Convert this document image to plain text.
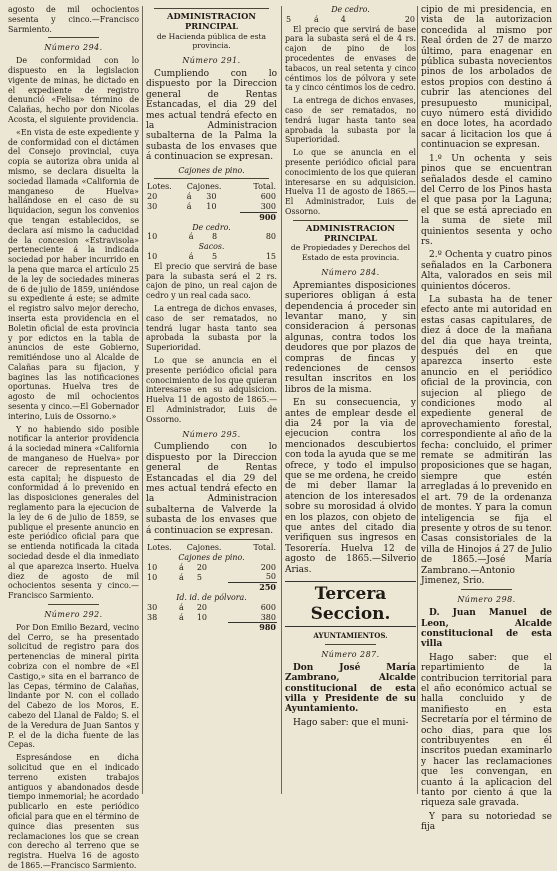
agosto de mil ochocientos sesenta y cinco.—Francisco Sarmiento.

Número 294.

De conformidad con lo dispuesto en la legislacion vigente de minas, he dictado en el expediente de registro denunció «Felisa» término de Calañas, hecho por don Nicolas Acosta, el siguiente providencia.

«En vista de este expediente y de conformidad con el dictámen del Consejo provincial, cuya copia se autoriza obra unida al mismo, se declara disuelta la sociedad llamada «California de manganeso de Huelva» hallándose en el caso de su liquidacion, segun los convenios que tengan establecidos, se declara así mismo la caducidad de la concesion «Estravisola» perteneciente á la indicada sociedad por haber incurrido en la pena que marca el artículo 25 de la ley de sociedades mineras de 6 de julio de 1859, uniéndose su expediente á este; se admite el registro salvo mejor derecho, inserta esta providencia en el Boletin oficial de esta provincia y por edictos en la tabla de anuncios de este Gobierno, remitiéndose uno al Alcalde de Calañas para su fijacion, y bagines las las notificaciones oportunas. Huelva tres de agosto de mil ochocientos sesenta y cinco.—El Gobernador interino, Luis de Ossorno.»

Y no habiendo sido posible notificar la anterior providencia á la sociedad minera «California de manganeso de Huelva» por carecer de representante en esta capital; he dispuesto de conformidad á lo prevenido en las disposiciones generales del reglamento para la ejecucion de la ley de 6 de julio de 1859, se publique el presente anuncio en este periódico oficial para que se entienda notificada la citada sociedad desde el dia inmediato al que aparezca inserto. Huelva diez de agosto de mil ochocientos sesenta y cinco.—Francisco Sarmiento.

Número 292.

Por Don Emilio Bezard, vecino del Cerro, se ha presentado solicitud de registro para dos pertenencias de mineral pirita cobriza con el nombre de «El Castigo,» sita en el barranco de las Cepas, término de Calañas, lindante por N. con el collado del Cabezo de los Moros, E. cabezo del Llanal de Faldo; S. el de la Veredura de Juan Santos y P. el de la dicha fuente de las Cepas.

Espresándose en dicha solicitud que en el indicado terreno existen trabajos antiguos y abandonados desde tiempo inmemorial; he acordado publicarlo en este periódico oficial para que en el término de quince dias presenten sus reclamaciones los que se crean con derecho al terreno que se registra. Huelva 16 de agosto de 1865.—Francisco Sarmiento.

ADMINISTRACION PRINCIPAL
de Hacienda pública de esta provincia.
Número 291.

Cumpliendo con lo dispuesto por la Direccion general de Rentas Estancadas, el dia 29 del mes actual tendrá efecto en la Administracion subalterna de la Palma la subasta de los envases que á continuacion se expresan.

Cajones de pino.
Lotes.	Cajones.		Total.
20	á	30	600
30	á	10	300
			900
De cedro.
10	á	8	80
Sacos.
10	á	5	15

El precio que servirá de base para la subasta será el 2 rs. cajon de pino, un real cajon de cedro y un real cada saco.

La entrega de dichos envases, caso de ser rematados, no tendrá lugar hasta tanto sea aprobada la subasta por la Superioridad.

Lo que se anuncia en el presente periódico oficial para conocimiento de los que quieran interesarse en su adquisicion. Huelva 11 de agosto de 1865.—El Administrador, Luis de Ossorno.

Número 295.

Cumpliendo con lo dispuesto por la Direccion general de Rentas Estancadas el dia 29 del mes actual tendrá efecto en la Administracion subalterna de Valverde la subasta de los envases que á continuacion se expresan.

Lotes.	Cajones.	Total.
Cajones de pino.
10	á	20	200
10	á	5	50
			250
Id. id. de pólvora.
30	á	20	600
38	á	10	380
			980
De cedro.
5	á	4	20

El precio que servirá de base para la subasta será el de 4 rs. cajon de pino de los procedentes de envases de tabacos, un real setenta y cinco céntimos los de pólvora y sete ta y cinco céntimos los de cedro.

La entrega de dichos envases, caso de ser rematados, no tendrá lugar hasta tanto sea aprobada la subasta por la Superioridad.

Lo que se anuncia en el presente periódico oficial para conocimiento de los que quieran interesarse en su adquisicion. Huelva 11 de agosto de 1865.—El Administrador, Luis de Ossorno.

ADMINISTRACION PRINCIPAL
de Propiedades y Derechos del Estado de esta provincia.
Número 284.

Apremiantes disposiciones superiores obligan á esta dependencia á proceder sin levantar mano, y sin consideracion á personas algunas, contra todos los deudores que por plazos de compras de fincas y redenciones de censos resultan inscritos en los libros de la misma.

En su consecuencia, y antes de emplear desde el dia 24 por la via de ejecucion contra los mencionados descubiertos con toda la ayuda que se me ofrece, y todo el impulso que se me ordena, he creido de mi deber llamar la atencion de los interesados sobre su morosidad á olvido en los plazos, con objeto de que antes del citado dia verifiquen sus ingresos en Tesorería. Huelva 12 de agosto de 1865.—Silverio Arias.

Tercera Seccion.
AYUNTAMIENTOS.
Número 287.

Don José María Zambrano, Alcalde constitucional de esta villa y Presidente de su Ayuntamiento.

Hago saber: que el muni-

cipio de mi presidencia, en vista de la autorizacion concedida al mismo por Real órden de 27 de marzo último, para enagenar en pública subasta novecientos pinos de los arbolados de estos propios con destino á cubrir las atenciones del presupuesto municipal, cuyo número está dividido en doce lotes, ha acordado sacar á licitacion los que á continuacion se expresan.

1.º Un ochenta y seis pinos que se encuentran señalados desde el camino del Cerro de los Pinos hasta el que pasa por la Laguna; el que se está apreciado en la suma de siete mil quinientos sesenta y ocho rs.

2.º Ochenta y cuatro pinos señalados en la Carbonera Alta, valorados en seis mil quinientos dóceros.

La subasta ha de tener efecto ante mi autoridad en estas casas capitulares, de diez á doce de la mañana del dia que haya treinta, después del en que aparezca inserto este anuncio en el periódico oficial de la provincia, con sujecion al pliego de condiciones modo al expediente general de aprovechamiento forestal, correspondiente al año de la fecha: concluido, el primer remate se admitirán las proposiciones que se hagan, siempre que estén arregladas á lo prevenido en el art. 79 de la ordenanza de montes. Y para la comun inteligencia se fija el presente y otros de su tenor. Casas consistoriales de la villa de Hinojos á 27 de Julio de 1865.—José María Zambrano.—Antonio Jimenez, Srio.

Número 298.

D. Juan Manuel de Leon, Alcalde constitucional de esta villa

Hago saber: que el repartimiento de la contribucion territorial para el año económico actual se halla concluido y de manifiesto en esta Secretaría por el término de ocho dias, para que los contribuyentes en él inscritos puedan examinarlo y hacer las reclamaciones que les convengan, en cuanto á la aplicacion del tanto por ciento á que la riqueza sale gravada.

Y para su notoriedad se fija
